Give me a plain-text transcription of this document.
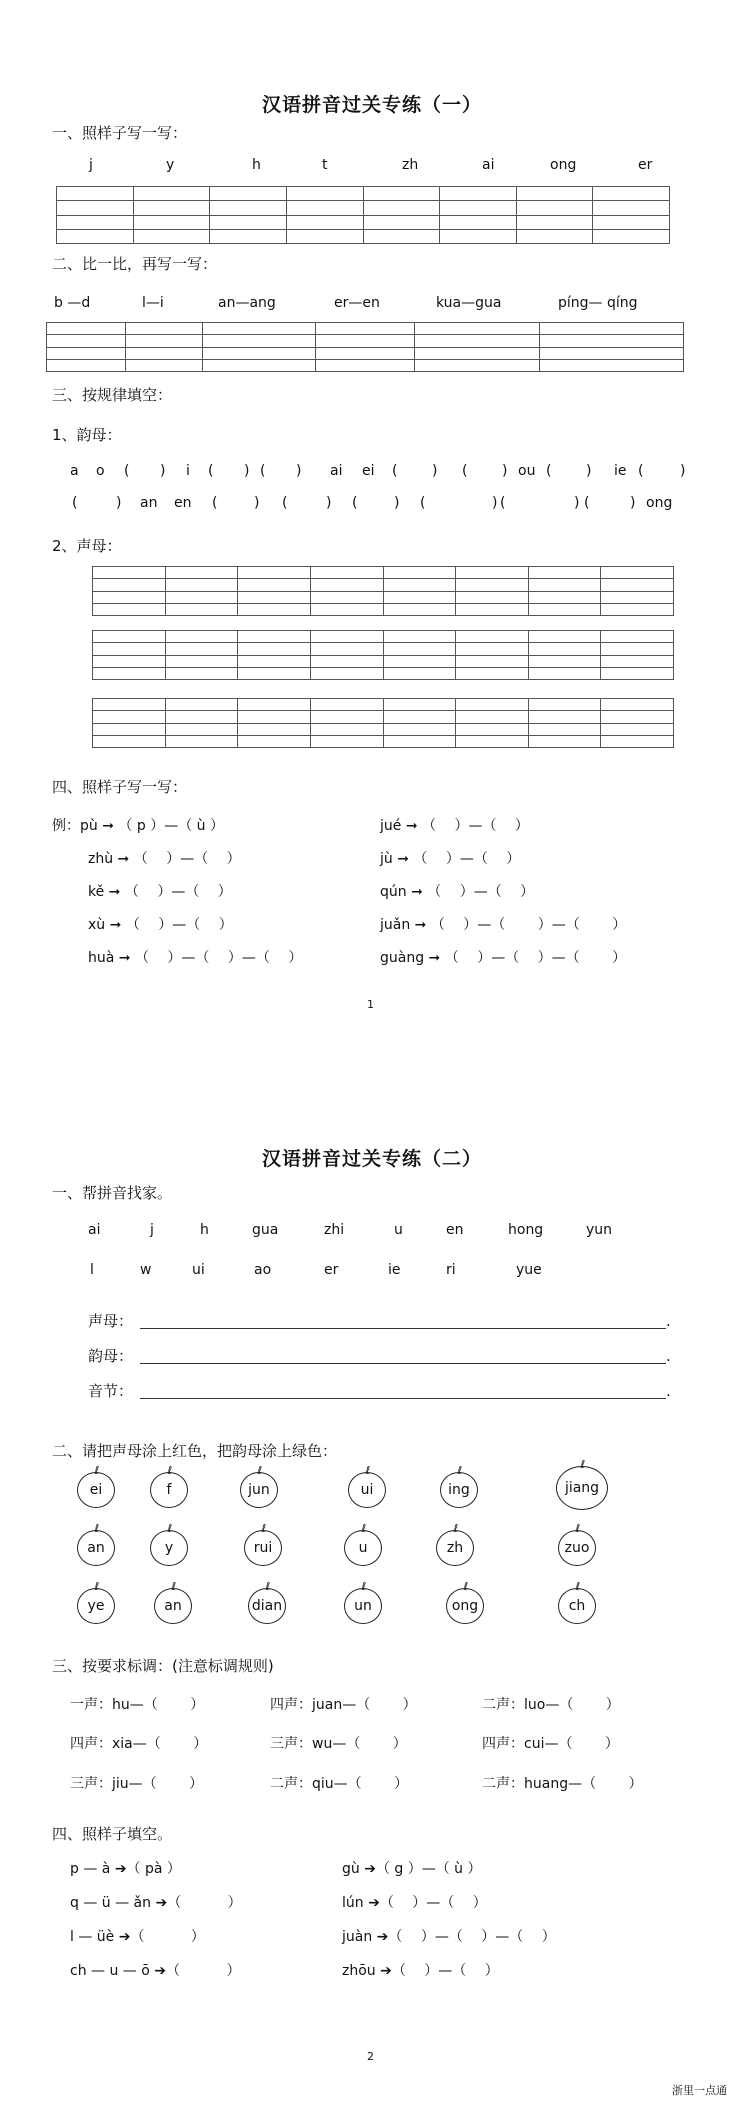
汉语拼音过关专练（一）
一、照样子写一写：
j	y	h	t	zh	ai	ong	er

二、比一比，再写一写：
b —d	l—i	an—ang	er—en	kua—gua	píng— qíng

三、按规律填空：
1、韵母：
a o ( ) i ( ) ( ) ai ei ( ) ( ) ou ( ) ie (	)
(	) an en (	) (	) (	) (	) (	) (	) ong
2、声母：

四、照样子写一写：
例：pù ➞ （ p ）—（ ù ）
zhù ➞ （　 ）—（　 ）
kě ➞ （　 ）—（　 ）
xù ➞ （　 ）—（　 ）
huà ➞ （　 ）—（　 ）—（　 ）
jué ➞ （　 ）—（　 ）
jù ➞ （　 ）—（　 ）
qún ➞ （　 ）—（　 ）
juǎn ➞ （　 ）—（　　 ）—（　　 ）
guàng ➞ （　 ）—（　 ）—（　　 ）
1
汉语拼音过关专练（二）
一、帮拼音找家。
ai	j	h	gua	zhi	u	en	hong	yun
l	w	ui	ao	er	ie	ri	yue
声母：	.
韵母：	.
音节：	.
二、请把声母涂上红色，把韵母涂上绿色：
ℓ
ei
ℓ
f
ℓ
jun
ℓ
ui
ℓ
ing
ℓ
jiang
ℓ
an
ℓ
y
ℓ
rui
ℓ
u
ℓ
zh
ℓ
zuo
ℓ
ye
ℓ
an
ℓ
dian
ℓ
un
ℓ
ong
ℓ
ch
三、按要求标调：(注意标调规则)
一声：hu—（　　 ）	四声：juan—（　　 ）	二声：luo—（　　 ）
四声：xia—（　　 ）	三声：wu—（　　 ）	四声：cui—（　　 ）
三声：jiu—（　　 ）	二声：qiu—（　　 ）	二声：huang—（　　 ）
四、照样子填空。
p — à ➔（ pà ）
q — ü — ǎn ➔（　　　 ）
l — üè ➔（　　　 ）
ch — u — ō ➔（　　　 ）
gù ➔（ g ）—（ ù ）
lún ➔（　 ）—（　 ）
juàn ➔（　 ）—（　 ）—（　 ）
zhōu ➔（　 ）—（　 ）
2
浙里一点通
